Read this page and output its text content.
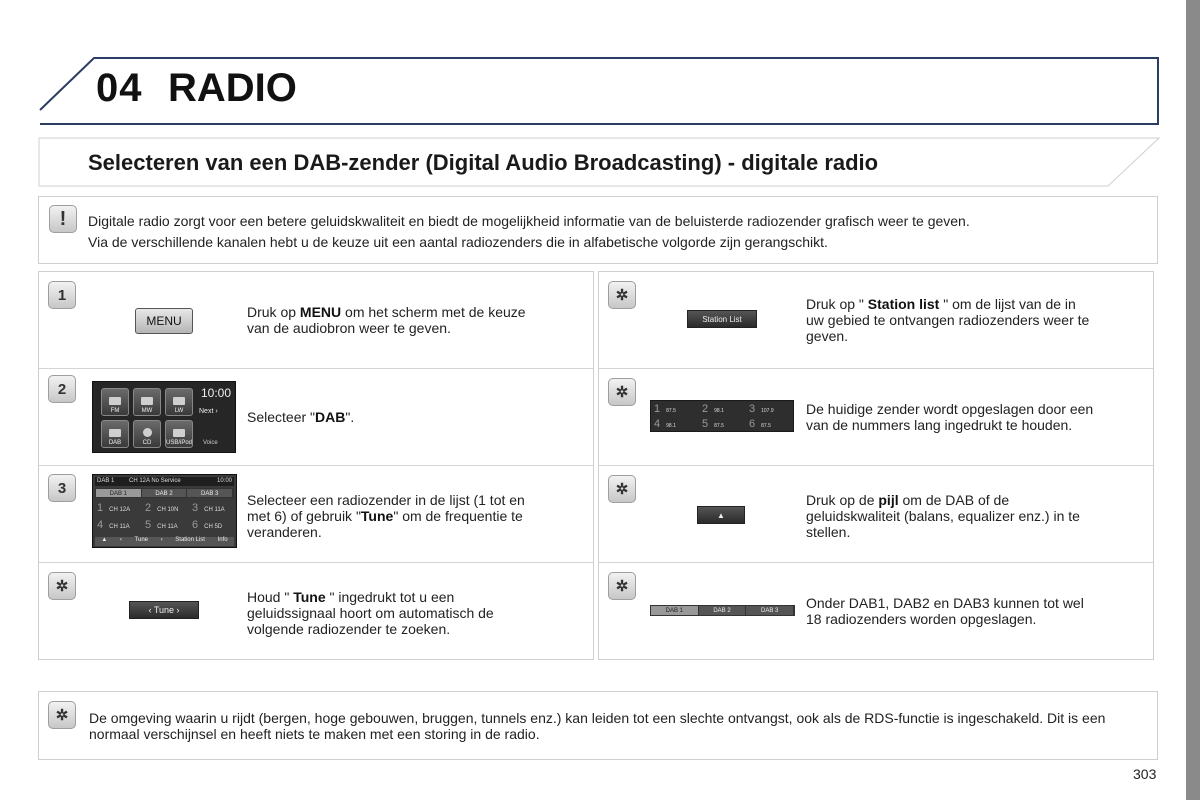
04 RADIO
Selecteren van een DAB-zender (Digital Audio Broadcasting) - digitale radio
!	Digitale radio zorgt voor een betere geluidskwaliteit en biedt de mogelijkheid informatie van de beluisterde radiozender grafisch weer te geven.
Via de verschillende kanalen hebt u de keuze uit een aantal radiozenders die in alfabetische volgorde zijn gerangschikt.
1
MENU
Druk op MENU om het scherm met de keuze
van de audiobron weer te geven.
2
FM	MW	LW
10:00
DAB	CD USB/iPod
Next ›
Voice
Selecteer "DAB".
3	DAB 1 CH 12A No Service	10:00
DAB 1	DAB 2	DAB 3
1 CH 12A 2 CH 10N 3 CH 11A
4 CH 11A 5 CH 11A 6 CH 5D
▲ ‹ Tune › Station List Info
Selecteer een radiozender in de lijst (1 tot en
met 6) of gebruik "Tune" om de frequentie te
veranderen.
✲
‹ Tune ›
Houd " Tune " ingedrukt tot u een
geluidssignaal hoort om automatisch de
volgende radiozender te zoeken.
✲
Station List
Druk op " Station list " om de lijst van de in
uw gebied te ontvangen radiozenders weer te
geven.
✲
1 87.5 2 98.1 3 107.9
4 98.1 5 87.5 6 87.5
De huidige zender wordt opgeslagen door een
van de nummers lang ingedrukt te houden.
✲
▲
Druk op de pijl om de DAB of de
geluidskwaliteit (balans, equalizer enz.) in te
stellen.
✲
DAB 1	DAB 2	DAB 3	Onder DAB1, DAB2 en DAB3 kunnen tot wel
18 radiozenders worden opgeslagen.
✲	De omgeving waarin u rijdt (bergen, hoge gebouwen, bruggen, tunnels enz.) kan leiden tot een slechte ontvangst, ook als de RDS-functie is ingeschakeld. Dit is een normaal verschijnsel en heeft niets te maken met een storing in de radio.
303
